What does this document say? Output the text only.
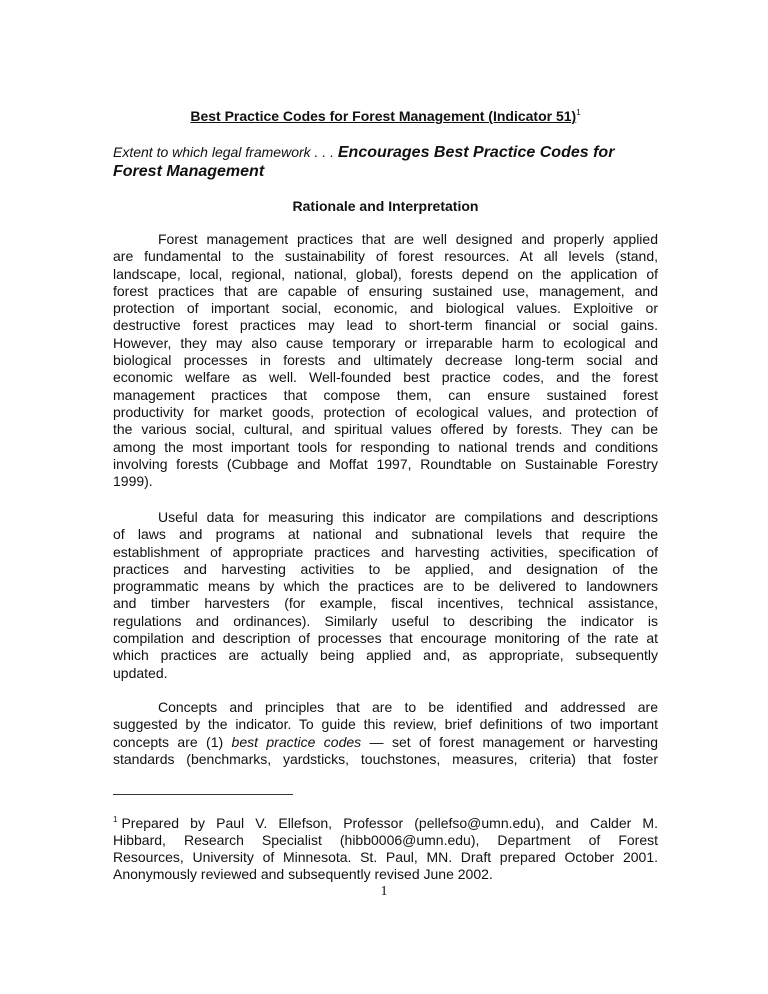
Best Practice Codes for Forest Management (Indicator 51)$^1$
Extent to which legal framework . . . Encourages Best Practice Codes for Forest Management
Rationale and Interpretation
Forest management practices that are well designed and properly applied
are fundamental to the sustainability of forest resources. At all levels (stand,
landscape, local, regional, national, global), forests depend on the application of
forest practices that are capable of ensuring sustained use, management, and
protection of important social, economic, and biological values. Exploitive or
destructive forest practices may lead to short-term financial or social gains.
However, they may also cause temporary or irreparable harm to ecological and
biological processes in forests and ultimately decrease long-term social and
economic welfare as well. Well-founded best practice codes, and the forest
management practices that compose them, can ensure sustained forest
productivity for market goods, protection of ecological values, and protection of
the various social, cultural, and spiritual values offered by forests. They can be
among the most important tools for responding to national trends and conditions
involving forests (Cubbage and Moffat 1997, Roundtable on Sustainable Forestry
1999).
Useful data for measuring this indicator are compilations and descriptions
of laws and programs at national and subnational levels that require the
establishment of appropriate practices and harvesting activities, specification of
practices and harvesting activities to be applied, and designation of the
programmatic means by which the practices are to be delivered to landowners
and timber harvesters (for example, fiscal incentives, technical assistance,
regulations and ordinances). Similarly useful to describing the indicator is
compilation and description of processes that encourage monitoring of the rate at
which practices are actually being applied and, as appropriate, subsequently
updated.
Concepts and principles that are to be identified and addressed are
suggested by the indicator. To guide this review, brief definitions of two important
concepts are (1) best practice codes — set of forest management or harvesting
standards (benchmarks, yardsticks, touchstones, measures, criteria) that foster
$^1$ Prepared by Paul V. Ellefson, Professor (pellefso@umn.edu), and Calder M.
Hibbard, Research Specialist (hibb0006@umn.edu), Department of Forest
Resources, University of Minnesota. St. Paul, MN. Draft prepared October 2001.
Anonymously reviewed and subsequently revised June 2002.
1
